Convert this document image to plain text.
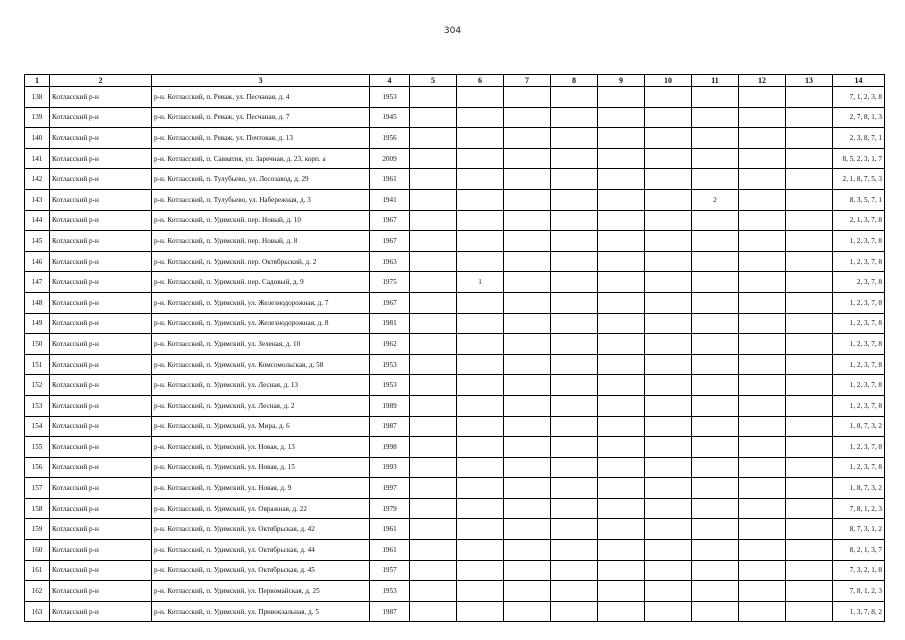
304
1	2	3	4	5	6	7	8	9	10	11	12	13	14
138	Котласский р-н	р-н. Котласский, п. Реваж, ул. Песчаная, д. 4	1953										7, 1, 2, 3, 8
139	Котласский р-н	р-н. Котласский, п. Реваж, ул. Песчаная, д. 7	1945										2, 7, 8, 1, 3
140	Котласский р-н	р-н. Котласский, п. Реваж, ул. Почтовая, д. 13	1956										2, 3, 8, 7, 1
141	Котласский р-н	р-н. Котласский, п. Савватия, ул. Заречная, д. 23, корп. а	2009										8, 5, 2, 3, 1, 7
142	Котласский р-н	р-н. Котласский, п. Тулубьево, ул. Лесозавод, д. 29	1961										2, 1, 8, 7, 5, 3
143	Котласский р-н	р-н. Котласский, п. Тулубьево, ул. Набережная, д. 3	1941							2			8, 3, 5, 7, 1
144	Котласский р-н	р-н. Котласский, п. Удимский. пер. Новый, д. 10	1967										2, 1, 3, 7, 8
145	Котласский р-н	р-н. Котласский, п. Удимский, пер. Новый, д. 8	1967										1, 2, 3, 7, 8
146	Котласский р-н	р-н. Котласский, п. Удимский. пер. Октябрьский, д. 2	1963										1, 2, 3, 7, 8
147	Котласский р-н	р-н. Котласский, п. Удимский. пер. Садовый, д. 9	1975		1								2, 3, 7, 8
148	Котласский р-н	р-н. Котласский, п. Удимский, ул. Железнодорожная, д. 7	1967										1, 2, 3, 7, 8
149	Котласский р-н	р-н. Котласский, п. Удимский, ул. Железнодорожная, д. 8	1981										1, 2, 3, 7, 8
150	Котласский р-н	р-н. Котласский, п. Удимский, ул. Зеленая, д. 10	1962										1, 2, 3, 7, 8
151	Котласский р-н	р-н. Котласский, п. Удимский, ул. Комсомольская, д. 58	1953										1, 2, 3, 7, 8
152	Котласский р-н	р-н. Котласский, п. Удимский, ул. Лесная, д. 13	1953										1, 2, 3, 7, 8
153	Котласский р-н	р-н. Котласский, п. Удимский, ул. Лесная, д. 2	1989										1, 2, 3, 7, 8
154	Котласский р-н	р-н. Котласский, п. Удимский, ул. Мира, д. 6	1987										1, 8, 7, 3, 2
155	Котласский р-н	р-н. Котласский, п. Удимский, ул. Новая, д. 13	1998										1, 2, 3, 7, 8
156	Котласский р-н	р-н. Котласский, п. Удимский, ул. Новая, д. 15	1993										1, 2, 3, 7, 8
157	Котласский р-н	р-н. Котласский, п. Удимский, ул. Новая, д. 9	1997										1, 8, 7, 3, 2
158	Котласский р-н	р-н. Котласский, п. Удимский, ул. Овражная, д. 22	1979										7, 8, 1, 2, 3
159	Котласский р-н	р-н. Котласский, п. Удимский, ул. Октябрьская, д. 42	1961										8, 7, 3, 1, 2
160	Котласский р-н	р-н. Котласский, п. Удимский, ул. Октябрьская, д. 44	1961										8, 2, 1, 3, 7
161	Котласский р-н	р-н. Котласский, п. Удимский, ул. Октябрьская, д. 45	1957										7, 3, 2, 1, 8
162	Котласский р-н	р-н. Котласский, п. Удимский, ул. Первомайская, д. 25	1953										7, 8, 1, 2, 3
163	Котласский р-н	р-н. Котласский, п. Удимский, ул. Привокзальная, д. 5	1987										1, 3, 7, 8, 2
